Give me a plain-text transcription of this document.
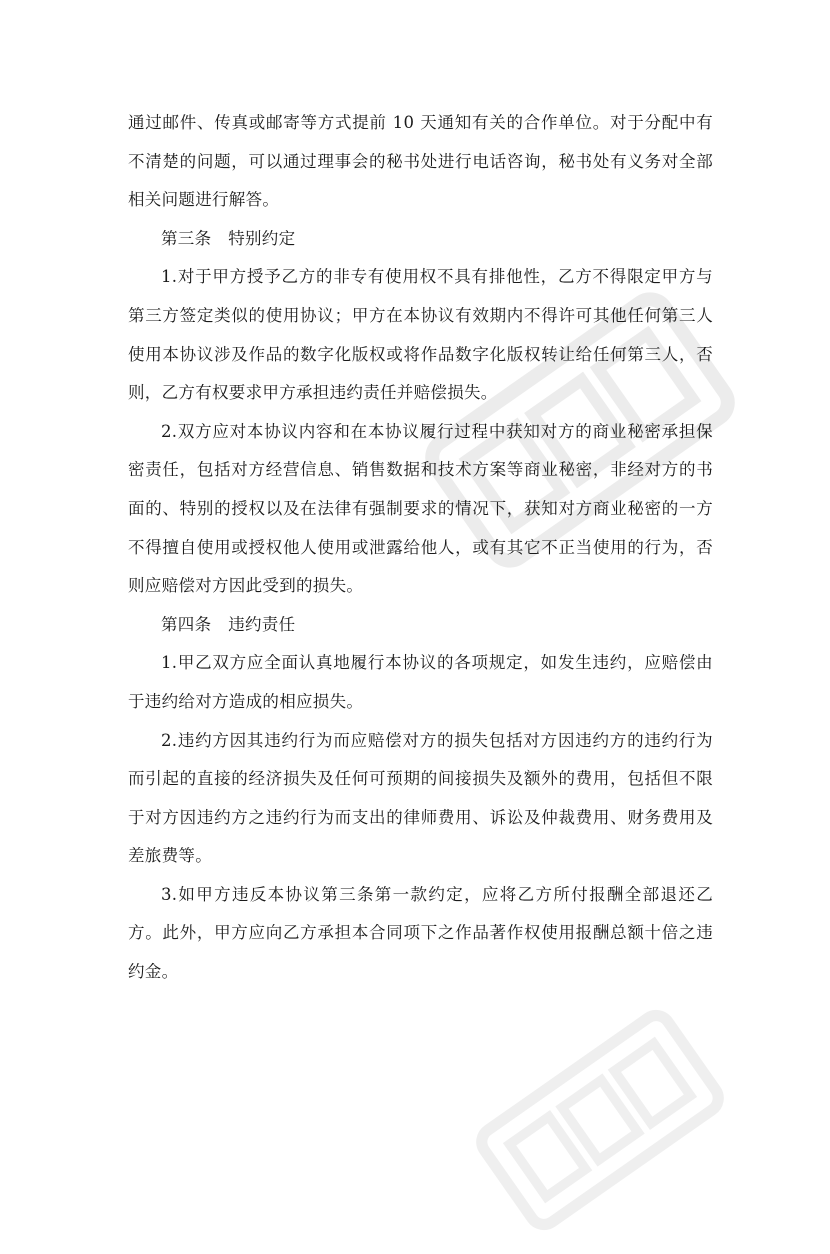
通过邮件、传真或邮寄等方式提前 10 天通知有关的合作单位。对于分配中有不清楚的问题，可以通过理事会的秘书处进行电话咨询，秘书处有义务对全部相关问题进行解答。

第三条　特别约定

1.对于甲方授予乙方的非专有使用权不具有排他性，乙方不得限定甲方与第三方签定类似的使用协议；甲方在本协议有效期内不得许可其他任何第三人使用本协议涉及作品的数字化版权或将作品数字化版权转让给任何第三人，否则，乙方有权要求甲方承担违约责任并赔偿损失。

2.双方应对本协议内容和在本协议履行过程中获知对方的商业秘密承担保密责任，包括对方经营信息、销售数据和技术方案等商业秘密，非经对方的书面的、特别的授权以及在法律有强制要求的情况下，获知对方商业秘密的一方不得擅自使用或授权他人使用或泄露给他人，或有其它不正当使用的行为，否则应赔偿对方因此受到的损失。

第四条　违约责任

1.甲乙双方应全面认真地履行本协议的各项规定，如发生违约，应赔偿由于违约给对方造成的相应损失。

2.违约方因其违约行为而应赔偿对方的损失包括对方因违约方的违约行为而引起的直接的经济损失及任何可预期的间接损失及额外的费用，包括但不限于对方因违约方之违约行为而支出的律师费用、诉讼及仲裁费用、财务费用及差旅费等。

3.如甲方违反本协议第三条第一款约定，应将乙方所付报酬全部退还乙方。此外，甲方应向乙方承担本合同项下之作品著作权使用报酬总额十倍之违约金。
